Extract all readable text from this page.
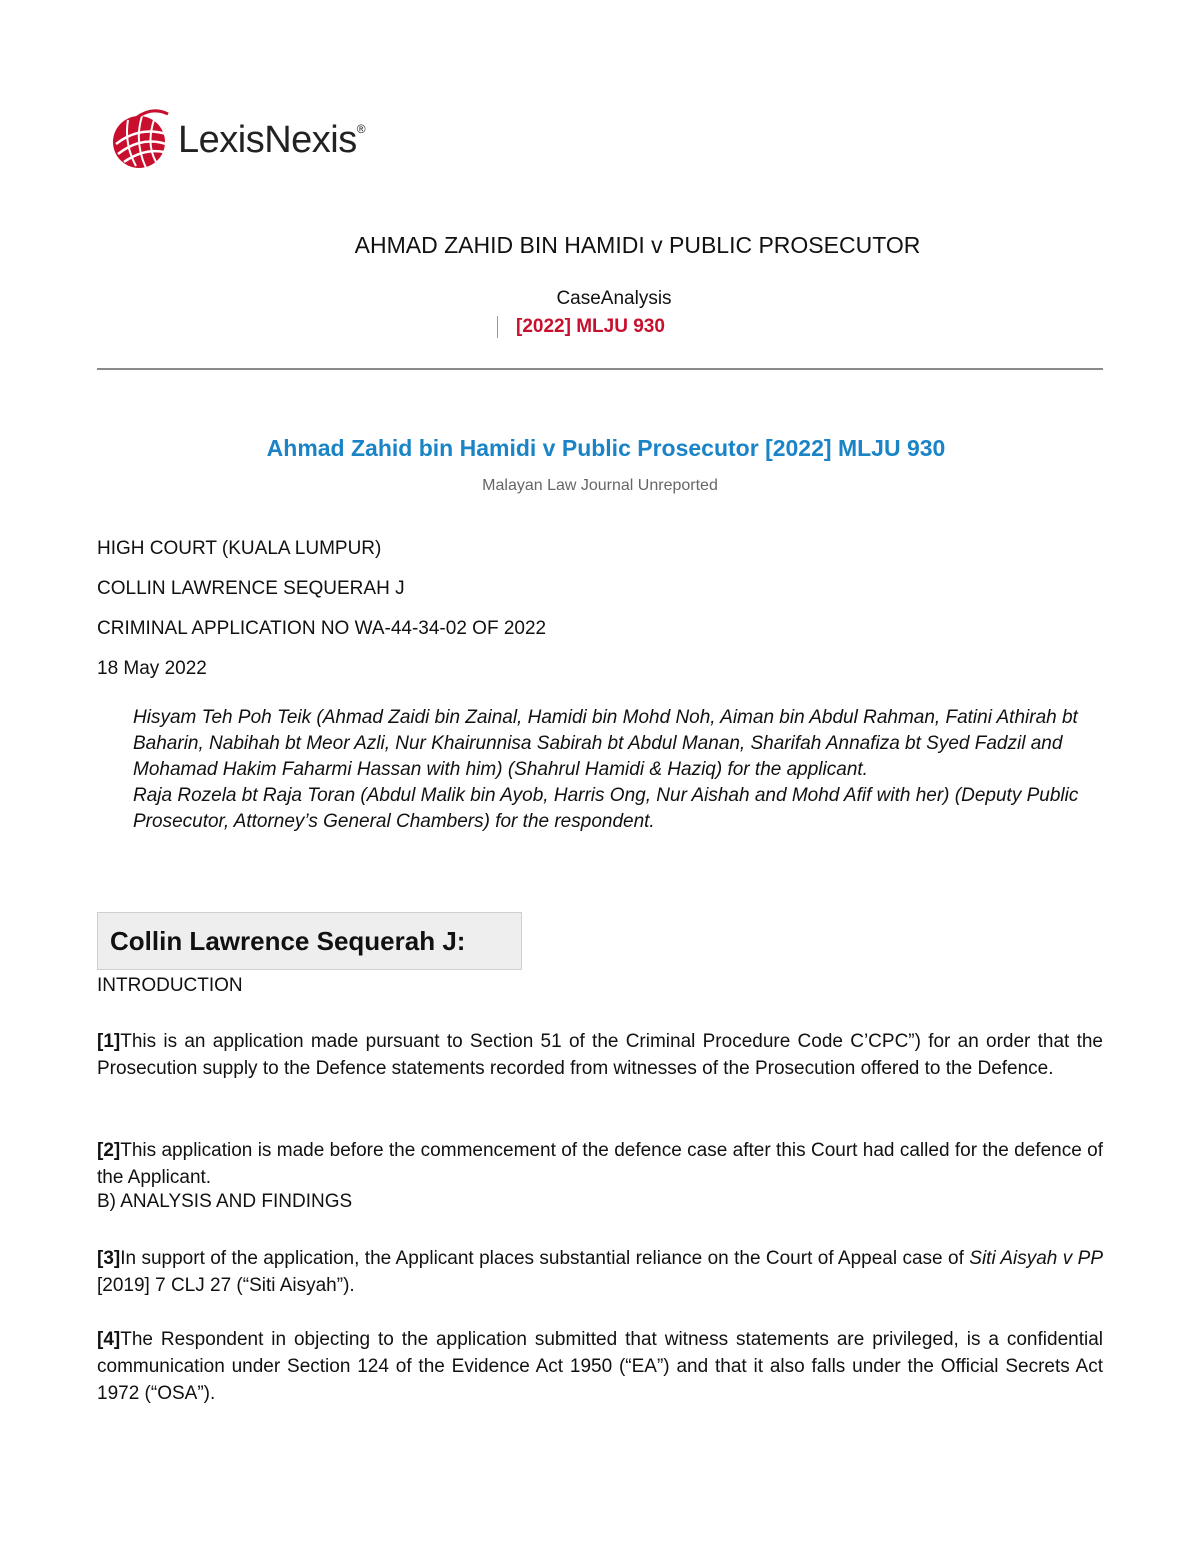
LexisNexis®
AHMAD ZAHID BIN HAMIDI v PUBLIC PROSECUTOR
CaseAnalysis
[2022] MLJU 930
Ahmad Zahid bin Hamidi v Public Prosecutor [2022] MLJU 930
Malayan Law Journal Unreported
HIGH COURT (KUALA LUMPUR)
COLLIN LAWRENCE SEQUERAH J
CRIMINAL APPLICATION NO WA-44-34-02 OF 2022
18 May 2022
Hisyam Teh Poh Teik (Ahmad Zaidi bin Zainal, Hamidi bin Mohd Noh, Aiman bin Abdul Rahman, Fatini Athirah bt Baharin, Nabihah bt Meor Azli, Nur Khairunnisa Sabirah bt Abdul Manan, Sharifah Annafiza bt Syed Fadzil and Mohamad Hakim Faharmi Hassan with him) (Shahrul Hamidi & Haziq) for the applicant.
Raja Rozela bt Raja Toran (Abdul Malik bin Ayob, Harris Ong, Nur Aishah and Mohd Afif with her) (Deputy Public Prosecutor, Attorney’s General Chambers) for the respondent.
Collin Lawrence Sequerah J:
INTRODUCTION
[1]This is an application made pursuant to Section 51 of the Criminal Procedure Code C’CPC”) for an order that the Prosecution supply to the Defence statements recorded from witnesses of the Prosecution offered to the Defence.
[2]This application is made before the commencement of the defence case after this Court had called for the defence of the Applicant.
B) ANALYSIS AND FINDINGS
[3]In support of the application, the Applicant places substantial reliance on the Court of Appeal case of Siti Aisyah v PP [2019] 7 CLJ 27 (“Siti Aisyah”).
[4]The Respondent in objecting to the application submitted that witness statements are privileged, is a confidential communication under Section 124 of the Evidence Act 1950 (“EA”) and that it also falls under the Official Secrets Act 1972 (“OSA”).
